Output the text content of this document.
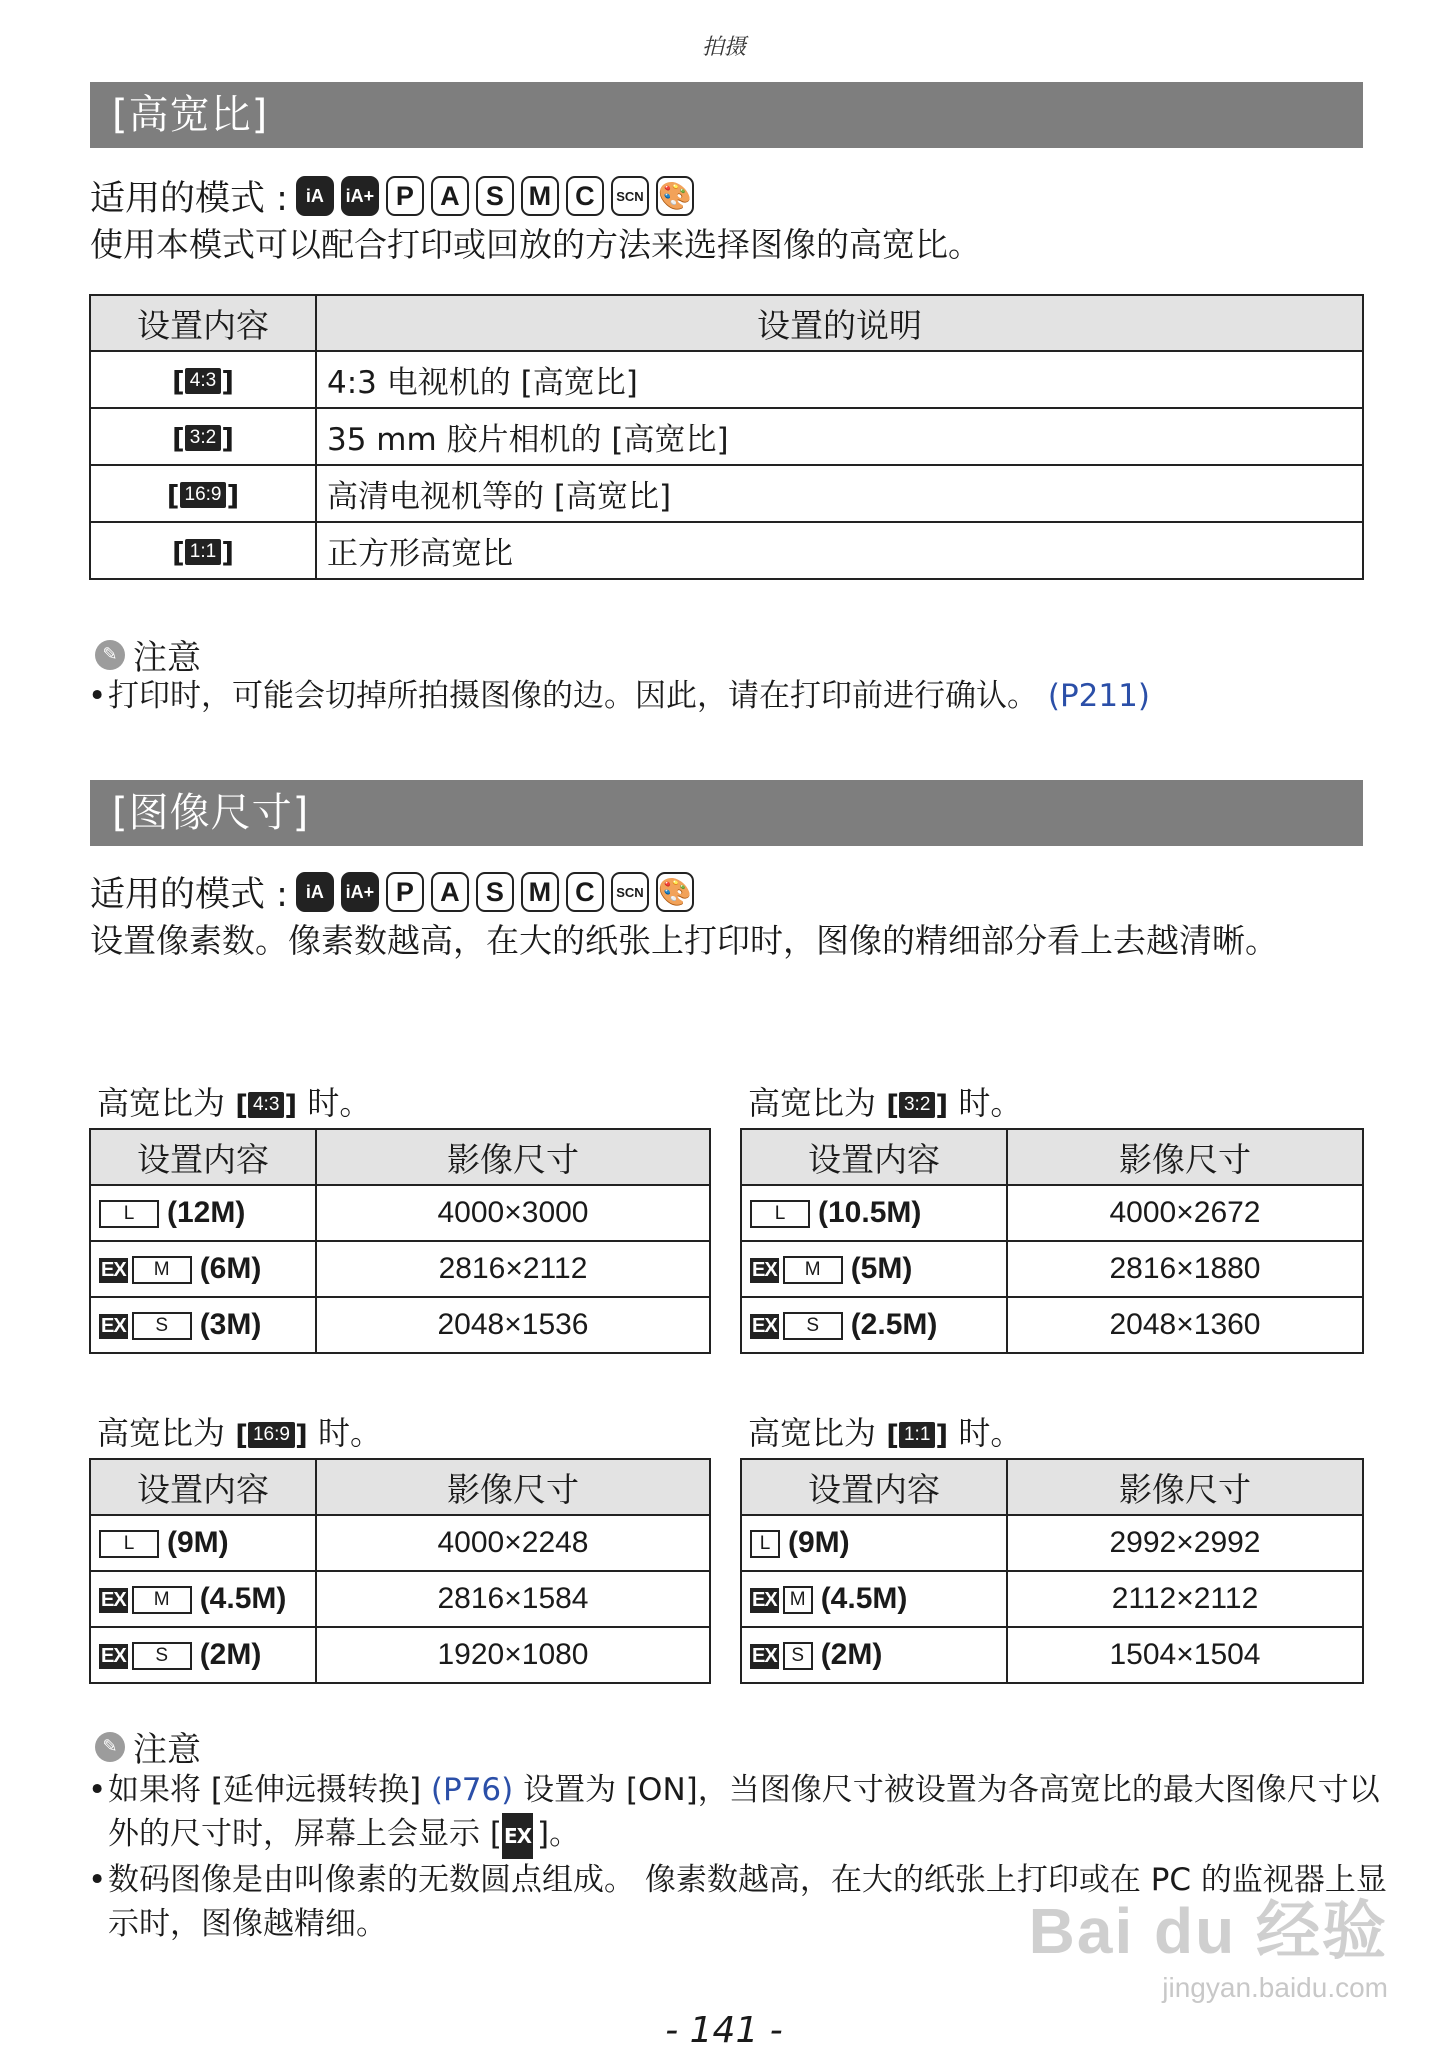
拍摄
[高宽比]
适用的模式 :	iA	iA+ P A S M C	SCN 🎨
使用本模式可以配合打印或回放的方法来选择图像的高宽比。
设置内容	设置的说明
[ 4:3 ]	4:3 电视机的 [高宽比]
[ 3:2 ]	35 mm 胶片相机的 [高宽比]
[ 16:9 ]	高清电视机等的 [高宽比]
[ 1:1 ]	正方形高宽比
✎ 注意
•打印时，可能会切掉所拍摄图像的边。因此，请在打印前进行确认。 (P211)
[图像尺寸]
适用的模式 :	iA	iA+ P A S M C	SCN 🎨
设置像素数。像素数越高，在大的纸张上打印时，图像的精细部分看上去越清晰。
高宽比为 [ 4:3 ] 时。
设置内容	影像尺寸
L (12M)	4000×3000
EX M (6M)	2816×2112
EX S (3M)	2048×1536
高宽比为 [ 3:2 ] 时。
设置内容	影像尺寸
L (10.5M)	4000×2672
EX M (5M)	2816×1880
EX S (2.5M)	2048×1360
高宽比为 [ 16:9 ] 时。
设置内容	影像尺寸
L (9M)	4000×2248
EX M (4.5M)	2816×1584
EX S (2M)	1920×1080
高宽比为 [ 1:1 ] 时。
设置内容	影像尺寸
L (9M)	2992×2992
EX M (4.5M)	2112×2112
EX S (2M)	1504×1504
✎ 注意
•如果将 [延伸远摄转换] (P76) 设置为 [ON]，当图像尺寸被设置为各高宽比的最大图像尺寸以外的尺寸时，屏幕上会显示 [ EX ]。
•数码图像是由叫像素的无数圆点组成。 像素数越高，在大的纸张上打印或在 PC 的监视器上显示时，图像越精细。	Bai du 经验
jingyan.baidu.com
- 141 -
